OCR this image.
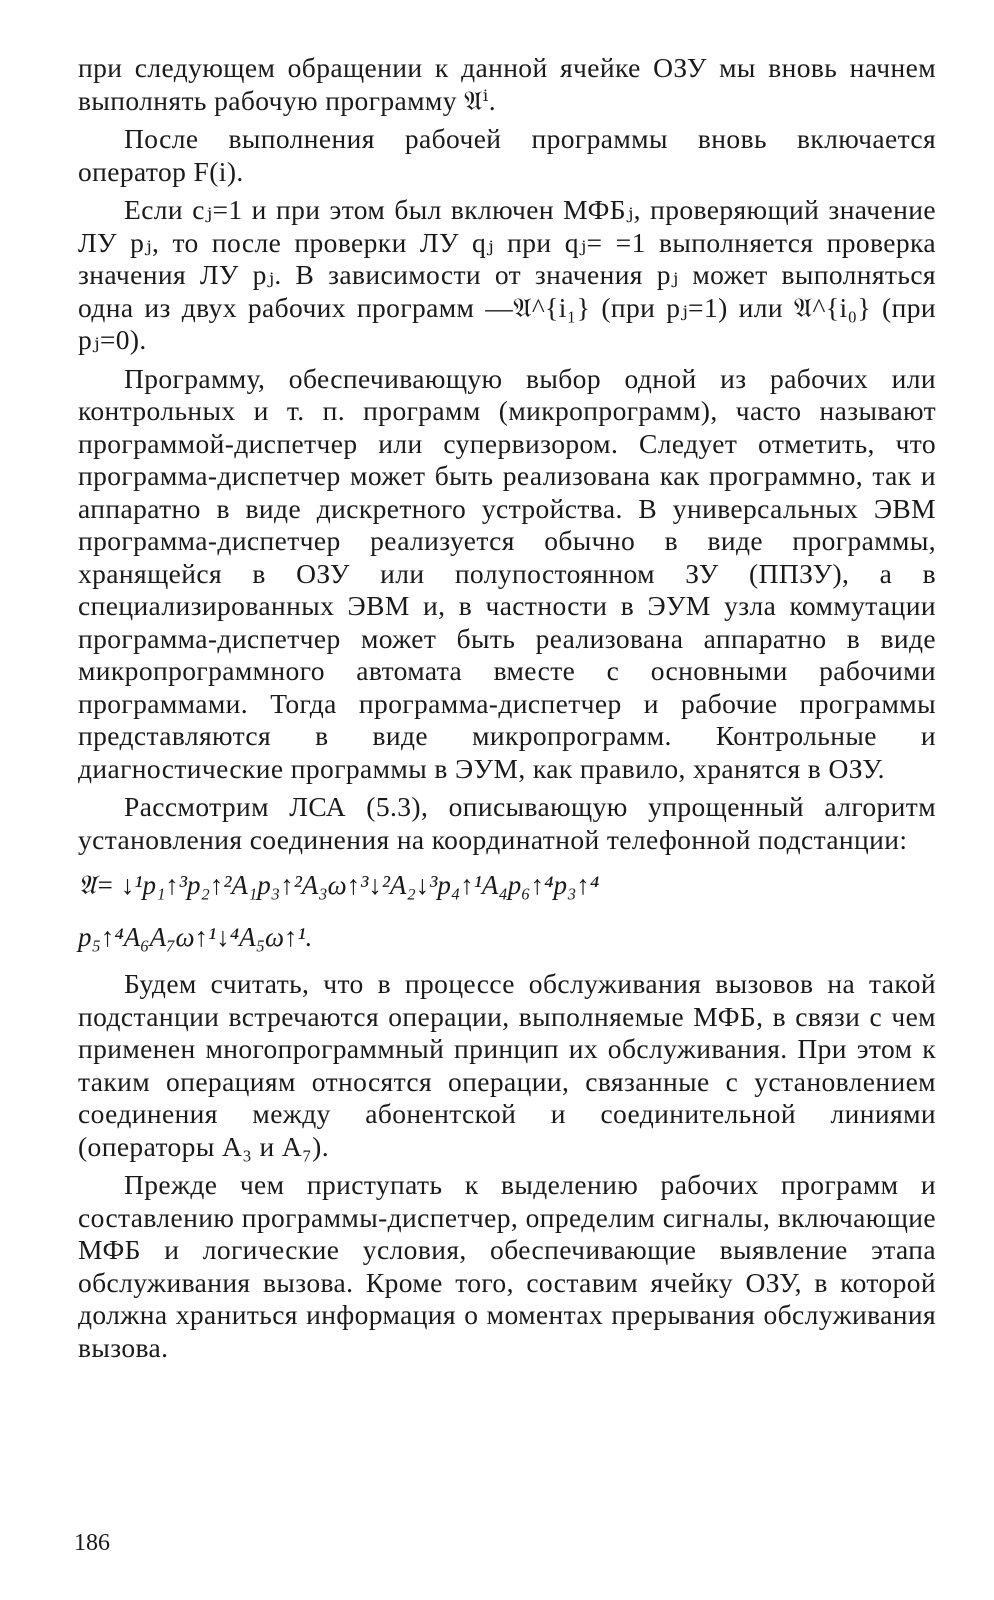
при следующем обращении к данной ячейке ОЗУ мы вновь начнем выполнять рабочую программу 𝔄ⁱ.

После выполнения рабочей программы вновь включается оператор F(i).

Если cⱼ=1 и при этом был включен МФБⱼ, проверяющий значение ЛУ pⱼ, то после проверки ЛУ qⱼ при qⱼ= =1 выполняется проверка значения ЛУ pⱼ. В зависимости от значения pⱼ может выполняться одна из двух рабочих программ —𝔄^{i₁} (при pⱼ=1) или 𝔄^{i₀} (при pⱼ=0).

Программу, обеспечивающую выбор одной из рабочих или контрольных и т. п. программ (микропрограмм), часто называют программой-диспетчер или супервизором. Следует отметить, что программа-диспетчер может быть реализована как программно, так и аппаратно в виде дискретного устройства. В универсальных ЭВМ программа-диспетчер реализуется обычно в виде программы, хранящейся в ОЗУ или полупостоянном ЗУ (ППЗУ), а в специализированных ЭВМ и, в частности в ЭУМ узла коммутации программа-диспетчер может быть реализована аппаратно в виде микропрограммного автомата вместе с основными рабочими программами. Тогда программа-диспетчер и рабочие программы представляются в виде микропрограмм. Контрольные и диагностические программы в ЭУМ, как правило, хранятся в ОЗУ.

Рассмотрим ЛСА (5.3), описывающую упрощенный алгоритм установления соединения на координатной телефонной подстанции:

𝔄= ↓¹p₁↑³p₂↑²A₁p₃↑²A₃ω↑³↓²A₂↓³p₄↑¹A₄p₆↑⁴p₃↑⁴
p₅↑⁴A₆A₇ω↑¹↓⁴A₅ω↑¹.

Будем считать, что в процессе обслуживания вызовов на такой подстанции встречаются операции, выполняемые МФБ, в связи с чем применен многопрограммный принцип их обслуживания. При этом к таким операциям относятся операции, связанные с установлением соединения между абонентской и соединительной линиями (операторы A₃ и A₇).

Прежде чем приступать к выделению рабочих программ и составлению программы-диспетчер, определим сигналы, включающие МФБ и логические условия, обеспечивающие выявление этапа обслуживания вызова. Кроме того, составим ячейку ОЗУ, в которой должна храниться информация о моментах прерывания обслуживания вызова.

186
